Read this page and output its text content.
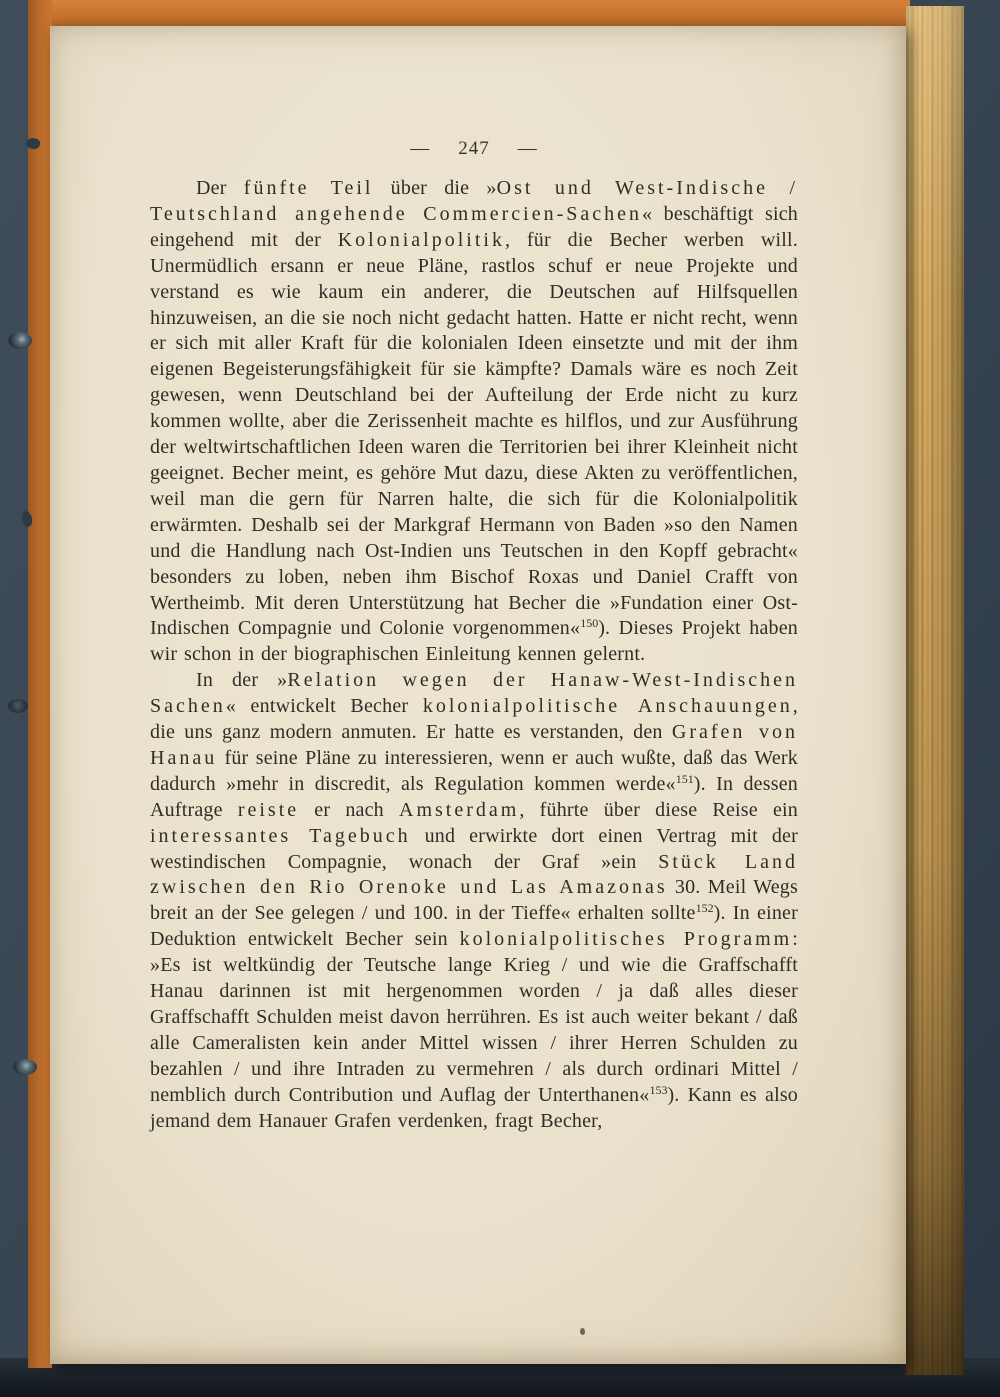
— 247 —

Der fünfte Teil über die »Ost und West-Indische / Teutschland angehende Commercien-Sachen« beschäftigt sich eingehend mit der Kolonialpolitik, für die Becher werben will. Unermüdlich ersann er neue Pläne, rastlos schuf er neue Projekte und verstand es wie kaum ein anderer, die Deutschen auf Hilfsquellen hinzuweisen, an die sie noch nicht gedacht hatten. Hatte er nicht recht, wenn er sich mit aller Kraft für die kolonialen Ideen einsetzte und mit der ihm eigenen Begeisterungsfähigkeit für sie kämpfte? Damals wäre es noch Zeit gewesen, wenn Deutschland bei der Aufteilung der Erde nicht zu kurz kommen wollte, aber die Zerissenheit machte es hilflos, und zur Ausführung der weltwirtschaftlichen Ideen waren die Territorien bei ihrer Kleinheit nicht geeignet. Becher meint, es gehöre Mut dazu, diese Akten zu veröffentlichen, weil man die gern für Narren halte, die sich für die Kolonialpolitik erwärmten. Deshalb sei der Markgraf Hermann von Baden »so den Namen und die Handlung nach Ost-Indien uns Teutschen in den Kopff gebracht« besonders zu loben, neben ihm Bischof Roxas und Daniel Crafft von Wertheimb. Mit deren Unterstützung hat Becher die »Fundation einer Ost-Indischen Compagnie und Colonie vorgenommen«$^{150}$). Dieses Projekt haben wir schon in der biographischen Einleitung kennen gelernt.

In der »Relation wegen der Hanaw-West-Indischen Sachen« entwickelt Becher kolonialpolitische Anschauungen, die uns ganz modern anmuten. Er hatte es verstanden, den Grafen von Hanau für seine Pläne zu interessieren, wenn er auch wußte, daß das Werk dadurch »mehr in discredit, als Regulation kommen werde«$^{151}$). In dessen Auftrage reiste er nach Amsterdam, führte über diese Reise ein interessantes Tagebuch und erwirkte dort einen Vertrag mit der westindischen Compagnie, wonach der Graf »ein Stück Land zwischen den Rio Orenoke und Las Amazonas 30. Meil Wegs breit an der See gelegen / und 100. in der Tieffe« erhalten sollte$^{152}$). In einer Deduktion entwickelt Becher sein kolonialpolitisches Programm: »Es ist weltkündig der Teutsche lange Krieg / und wie die Graffschafft Hanau darinnen ist mit hergenommen worden / ja daß alles dieser Graffschafft Schulden meist davon herrühren. Es ist auch weiter bekant / daß alle Cameralisten kein ander Mittel wissen / ihrer Herren Schulden zu bezahlen / und ihre Intraden zu vermehren / als durch ordinari Mittel / nemblich durch Contribution und Auflag der Unterthanen«$^{153}$). Kann es also jemand dem Hanauer Grafen verdenken, fragt Becher,
